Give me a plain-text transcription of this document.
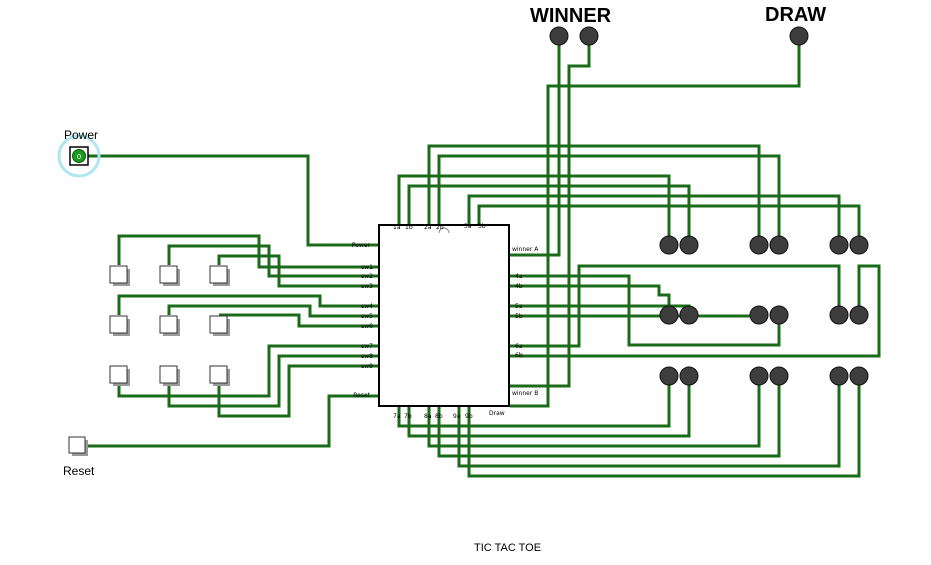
Power
sw1
sw2
sw3
sw4
sw5
sw6
sw7
sw8
sw9
Reset
winner A
4a
4b
5a
5b
6a
6b
winner B
Draw
1a 1b 2a 2b	3a 3b
7a 7b 8a 8b 9a 9b
0
Power
Reset
WINNER	DRAW
TIC TAC TOE
